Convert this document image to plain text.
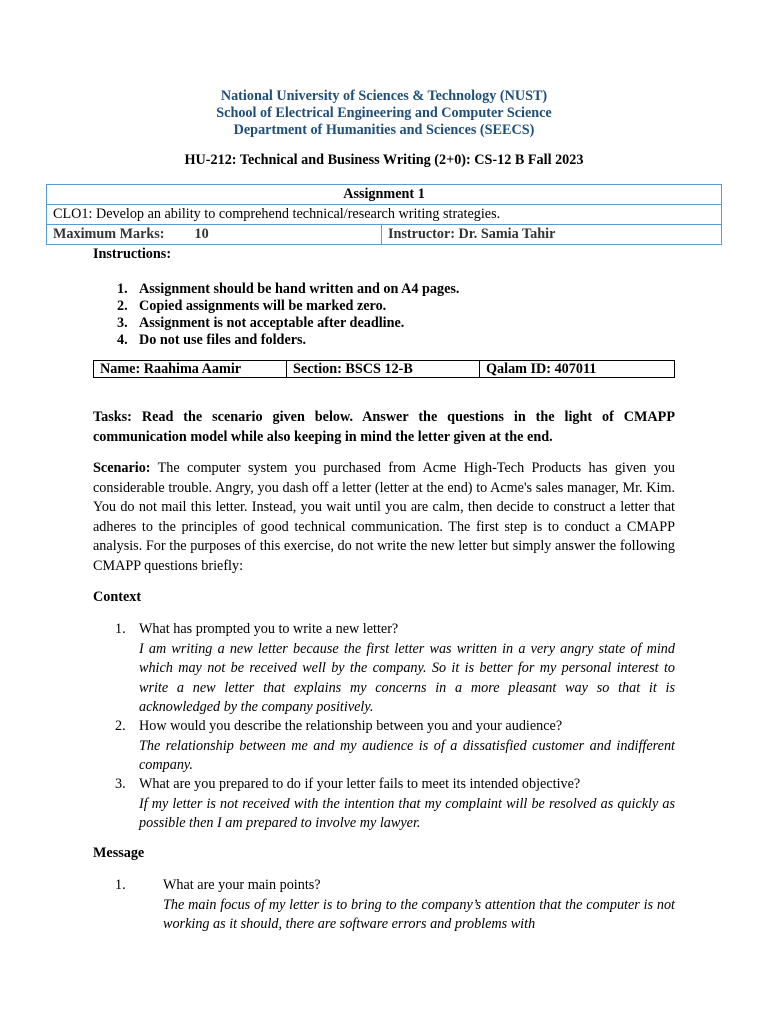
National University of Sciences & Technology (NUST)
School of Electrical Engineering and Computer Science
Department of Humanities and Sciences (SEECS)
HU-212: Technical and Business Writing (2+0): CS-12 B Fall 2023
Assignment 1
CLO1: Develop an ability to comprehend technical/research writing strategies.
Maximum Marks: 10	Instructor: Dr. Samia Tahir
Instructions:
1. Assignment should be hand written and on A4 pages.
2. Copied assignments will be marked zero.
3. Assignment is not acceptable after deadline.
4. Do not use files and folders.
Name: Raahima Aamir	Section: BSCS 12-B	Qalam ID: 407011
Tasks: Read the scenario given below. Answer the questions in the light of CMAPP communication model while also keeping in mind the letter given at the end.
Scenario: The computer system you purchased from Acme High-Tech Products has given you considerable trouble. Angry, you dash off a letter (letter at the end) to Acme's sales manager, Mr. Kim. You do not mail this letter. Instead, you wait until you are calm, then decide to construct a letter that adheres to the principles of good technical communication. The first step is to conduct a CMAPP analysis. For the purposes of this exercise, do not write the new letter but simply answer the following CMAPP questions briefly:
Context
1. What has prompted you to write a new letter?
I am writing a new letter because the first letter was written in a very angry state of mind which may not be received well by the company. So it is better for my personal interest to write a new letter that explains my concerns in a more pleasant way so that it is acknowledged by the company positively.
2. How would you describe the relationship between you and your audience?
The relationship between me and my audience is of a dissatisfied customer and indifferent company.
3. What are you prepared to do if your letter fails to meet its intended objective?
If my letter is not received with the intention that my complaint will be resolved as quickly as possible then I am prepared to involve my lawyer.
Message
1.	What are your main points?
The main focus of my letter is to bring to the company’s attention that the computer is not working as it should, there are software errors and problems with
